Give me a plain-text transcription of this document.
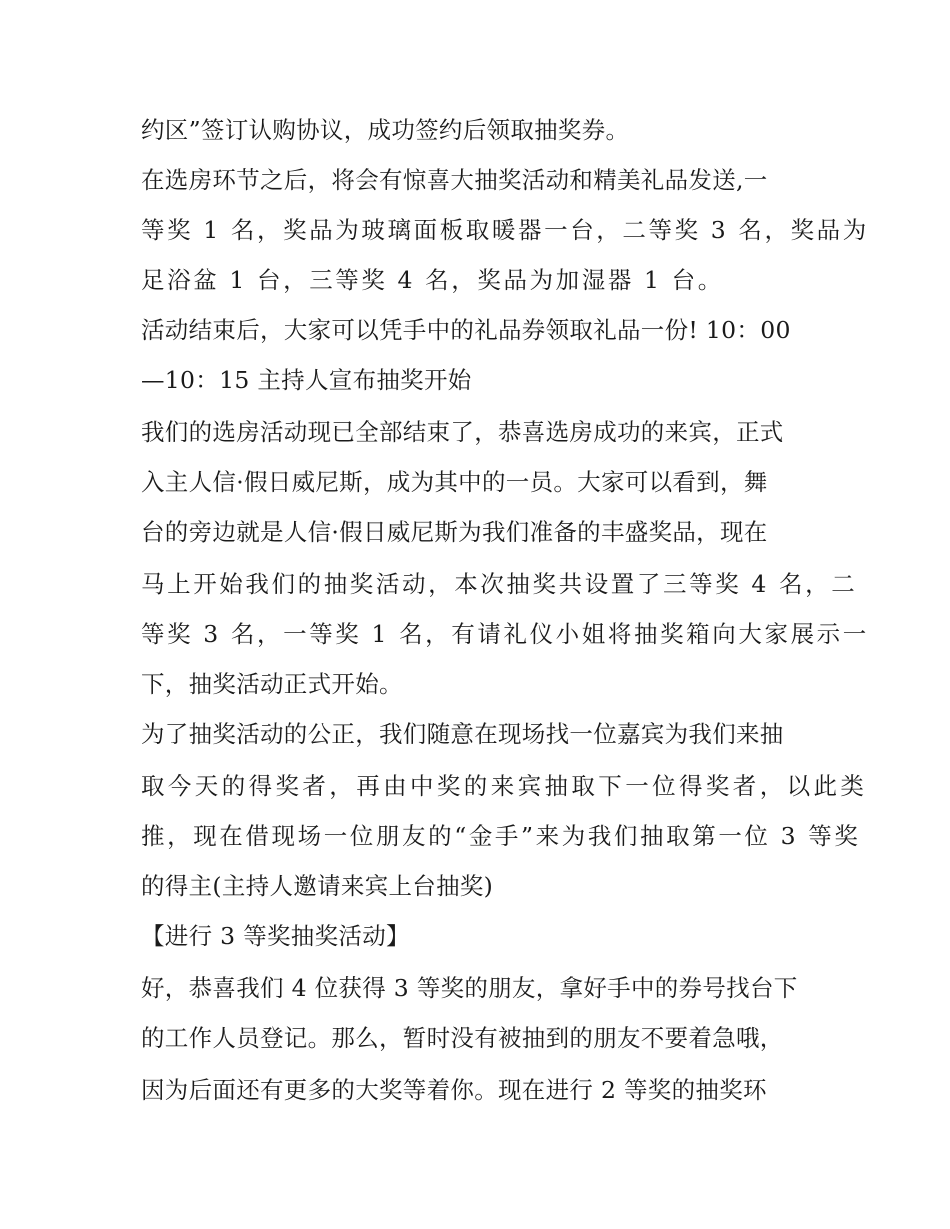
约区”签订认购协议，成功签约后领取抽奖券。
在选房环节之后，将会有惊喜大抽奖活动和精美礼品发送,一
等奖 1 名，奖品为玻璃面板取暖器一台，二等奖 3 名，奖品为
足浴盆 1 台，三等奖 4 名，奖品为加湿器 1 台。
活动结束后，大家可以凭手中的礼品券领取礼品一份! 10：00
—10：15 主持人宣布抽奖开始
我们的选房活动现已全部结束了，恭喜选房成功的来宾，正式
入主人信·假日威尼斯，成为其中的一员。大家可以看到，舞
台的旁边就是人信·假日威尼斯为我们准备的丰盛奖品，现在
马上开始我们的抽奖活动，本次抽奖共设置了三等奖 4 名，二
等奖 3 名，一等奖 1 名，有请礼仪小姐将抽奖箱向大家展示一
下，抽奖活动正式开始。
为了抽奖活动的公正，我们随意在现场找一位嘉宾为我们来抽
取今天的得奖者，再由中奖的来宾抽取下一位得奖者，以此类
推，现在借现场一位朋友的“金手”来为我们抽取第一位 3 等奖
的得主(主持人邀请来宾上台抽奖)
【进行 3 等奖抽奖活动】
好，恭喜我们 4 位获得 3 等奖的朋友，拿好手中的券号找台下
的工作人员登记。那么，暂时没有被抽到的朋友不要着急哦，
因为后面还有更多的大奖等着你。现在进行 2 等奖的抽奖环
